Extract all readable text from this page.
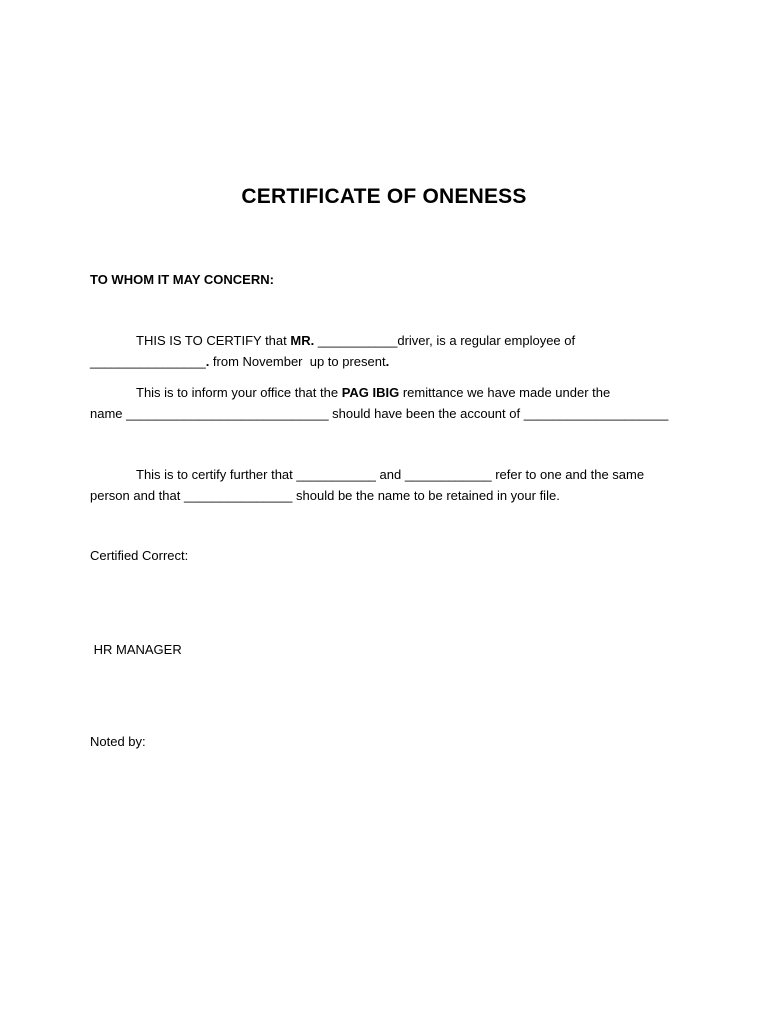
CERTIFICATE OF ONENESS
TO WHOM IT MAY CONCERN:
THIS IS TO CERTIFY that MR. ___________driver, is a regular employee of
________________. from November  up to present.
This is to inform your office that the PAG IBIG remittance we have made under the
name ____________________________ should have been the account of ____________________
This is to certify further that ___________ and ____________ refer to one and the same
person and that _______________ should be the name to be retained in your file.
Certified Correct:
HR MANAGER
Noted by:
